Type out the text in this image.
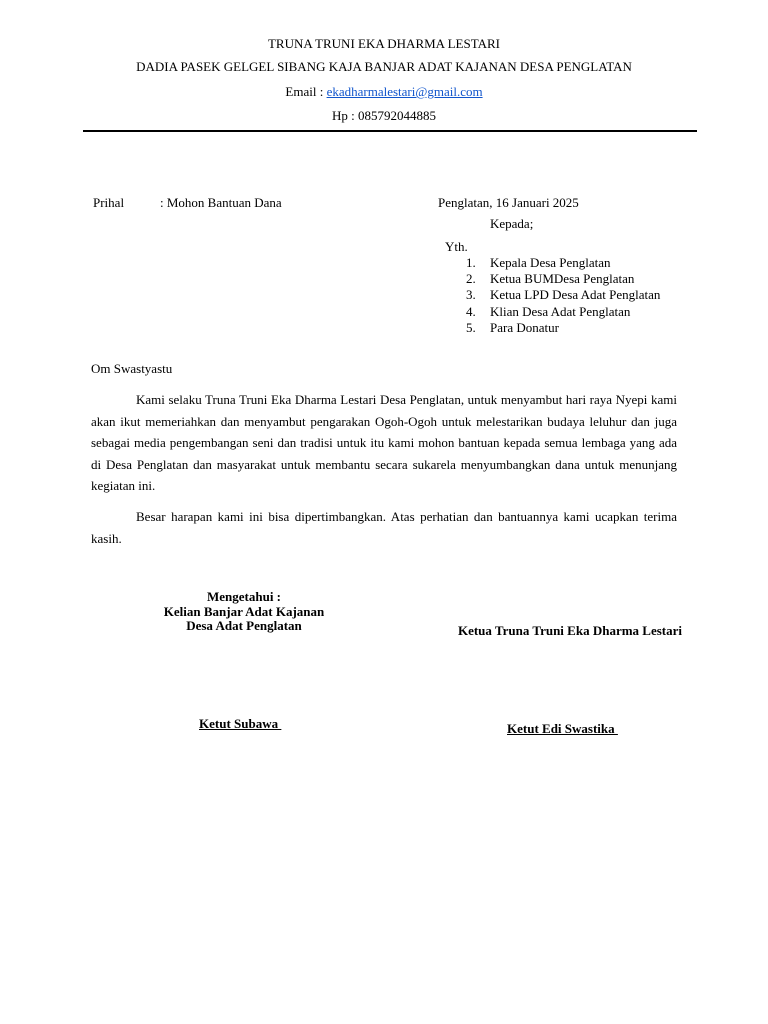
TRUNA TRUNI EKA DHARMA LESTARI
DADIA PASEK GELGEL SIBANG KAJA BANJAR ADAT KAJANAN DESA PENGLATAN
Email : ekadharmalestari@gmail.com
Hp : 085792044885
Prihal	: Mohon Bantuan Dana	Penglatan, 16 Januari 2025
Kepada;
Yth.
1. Kepala Desa Penglatan
2. Ketua BUMDesa Penglatan
3. Ketua LPD Desa Adat Penglatan
4. Klian Desa Adat Penglatan
5. Para Donatur
Om Swastyastu

Kami selaku Truna Truni Eka Dharma Lestari Desa Penglatan, untuk menyambut hari raya Nyepi kami akan ikut memeriahkan dan menyambut pengarakan Ogoh-Ogoh untuk melestarikan budaya leluhur dan juga sebagai media pengembangan seni dan tradisi untuk itu kami mohon bantuan kepada semua lembaga yang ada di Desa Penglatan dan masyarakat untuk membantu secara sukarela menyumbangkan dana untuk menunjang kegiatan ini.

Besar harapan kami ini bisa dipertimbangkan. Atas perhatian dan bantuannya kami ucapkan terima kasih.

Mengetahui :
Kelian Banjar Adat Kajanan
Desa Adat Penglatan	Ketua Truna Truni Eka Dharma Lestari
Ketut Subawa	Ketut Edi Swastika
